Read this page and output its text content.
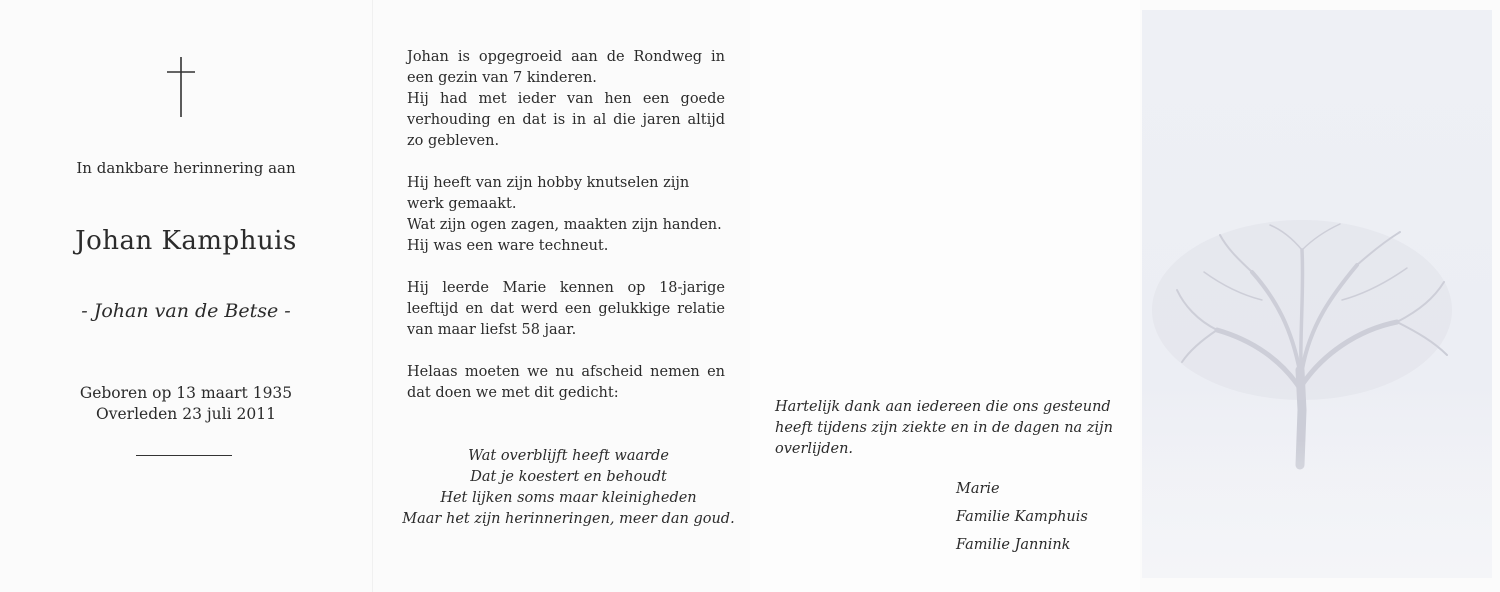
In dankbare herinnering aan
Johan Kamphuis
- Johan van de Betse -
Geboren op 13 maart 1935
Overleden 23 juli 2011

Johan is opgegroeid aan de Rondweg in een gezin van 7 kinderen.
Hij had met ieder van hen een goede verhouding en dat is in al die jaren altijd zo gebleven.

Hij heeft van zijn hobby knutselen zijn werk gemaakt.
Wat zijn ogen zagen, maakten zijn handen.
Hij was een ware techneut.

Hij leerde Marie kennen op 18-jarige leeftijd en dat werd een gelukkige relatie van maar liefst 58 jaar.

Helaas moeten we nu afscheid nemen en dat doen we met dit gedicht:

Wat overblijft heeft waarde
Dat je koestert en behoudt
Het lijken soms maar kleinigheden
Maar het zijn herinneringen, meer dan goud.
Hartelijk dank aan iedereen die ons gesteund heeft tijdens zijn ziekte en in de dagen na zijn overlijden.
Marie
Familie Kamphuis
Familie Jannink
